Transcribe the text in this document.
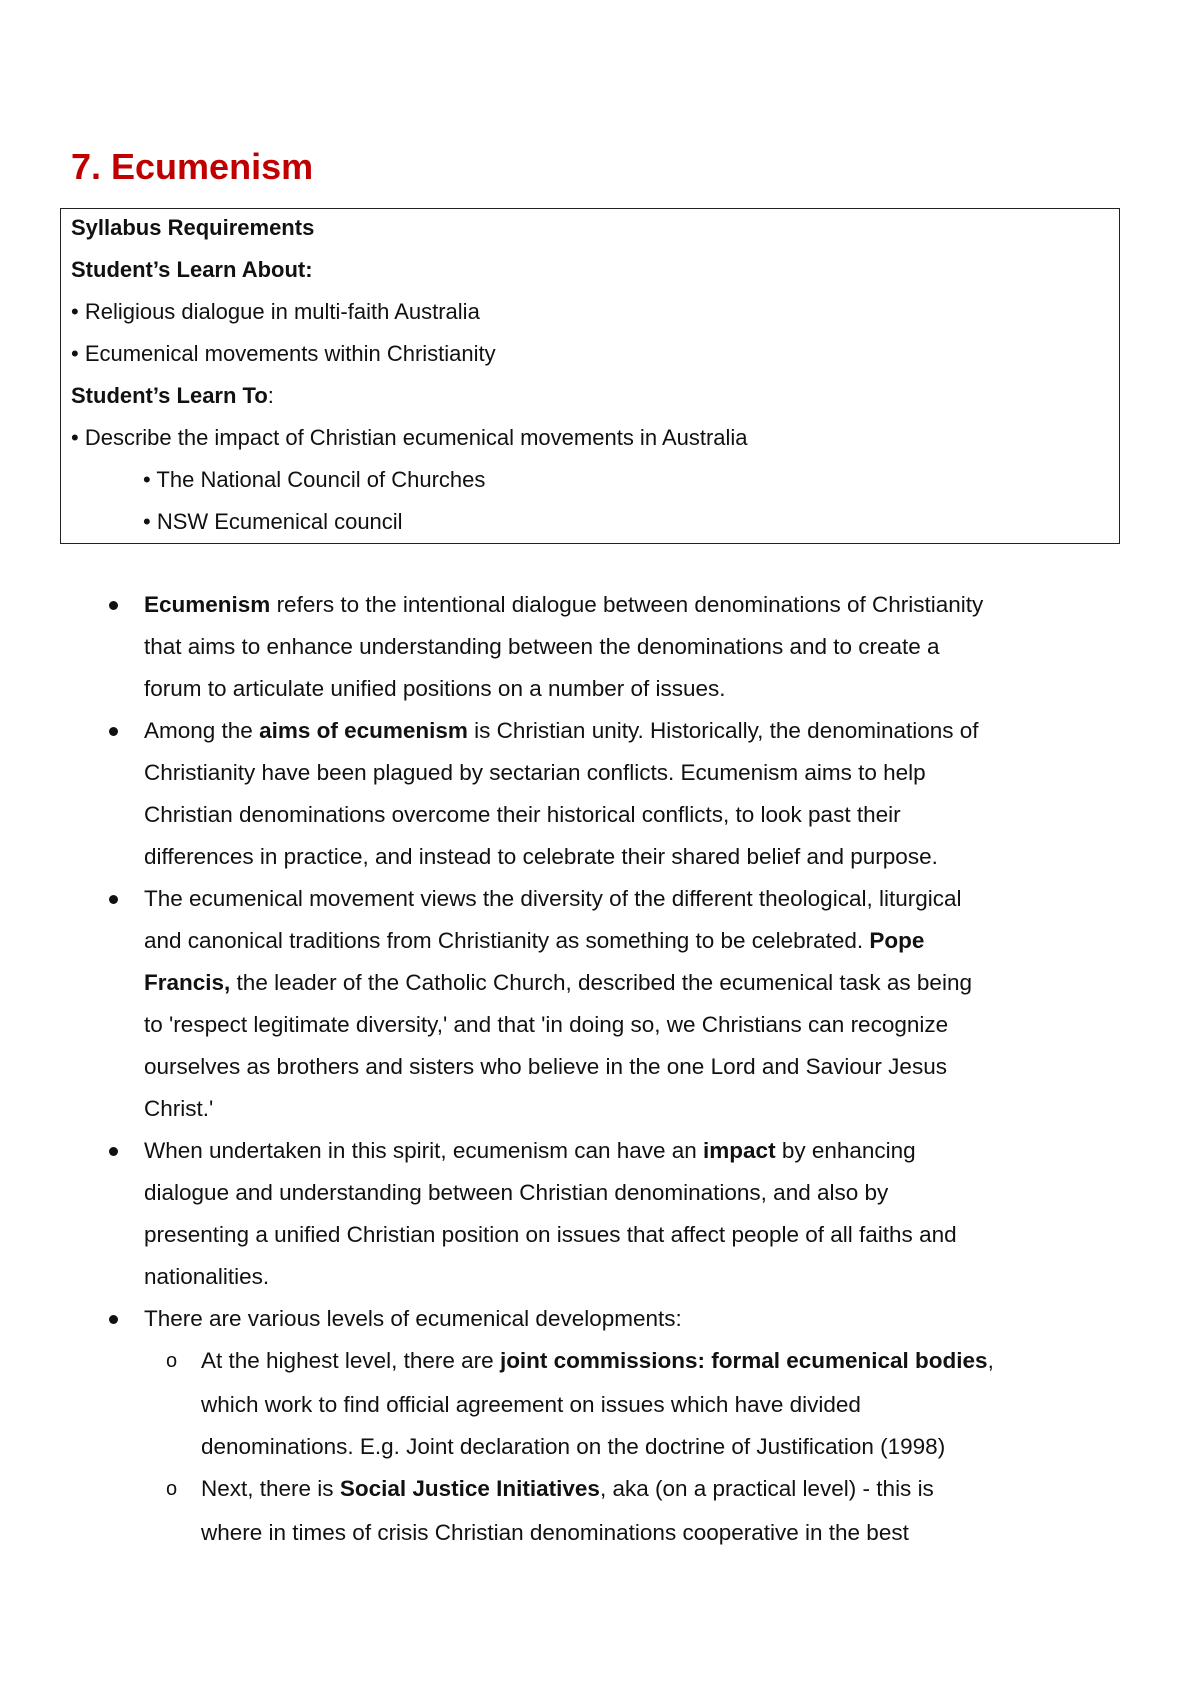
7. Ecumenism
Syllabus Requirements
Student’s Learn About:
• Religious dialogue in multi-faith Australia
• Ecumenical movements within Christianity
Student’s Learn To:
• Describe the impact of Christian ecumenical movements in Australia
• The National Council of Churches
• NSW Ecumenical council
Ecumenism refers to the intentional dialogue between denominations of Christianity
that aims to enhance understanding between the denominations and to create a
forum to articulate unified positions on a number of issues.
Among the aims of ecumenism is Christian unity. Historically, the denominations of
Christianity have been plagued by sectarian conflicts. Ecumenism aims to help
Christian denominations overcome their historical conflicts, to look past their
differences in practice, and instead to celebrate their shared belief and purpose.
The ecumenical movement views the diversity of the different theological, liturgical
and canonical traditions from Christianity as something to be celebrated. Pope
Francis, the leader of the Catholic Church, described the ecumenical task as being
to 'respect legitimate diversity,' and that 'in doing so, we Christians can recognize
ourselves as brothers and sisters who believe in the one Lord and Saviour Jesus
Christ.'
When undertaken in this spirit, ecumenism can have an impact by enhancing
dialogue and understanding between Christian denominations, and also by
presenting a unified Christian position on issues that affect people of all faiths and
nationalities.
There are various levels of ecumenical developments:
o At the highest level, there are joint commissions: formal ecumenical bodies,
which work to find official agreement on issues which have divided
denominations. E.g. Joint declaration on the doctrine of Justification (1998)
o Next, there is Social Justice Initiatives, aka (on a practical level) - this is
where in times of crisis Christian denominations cooperative in the best
